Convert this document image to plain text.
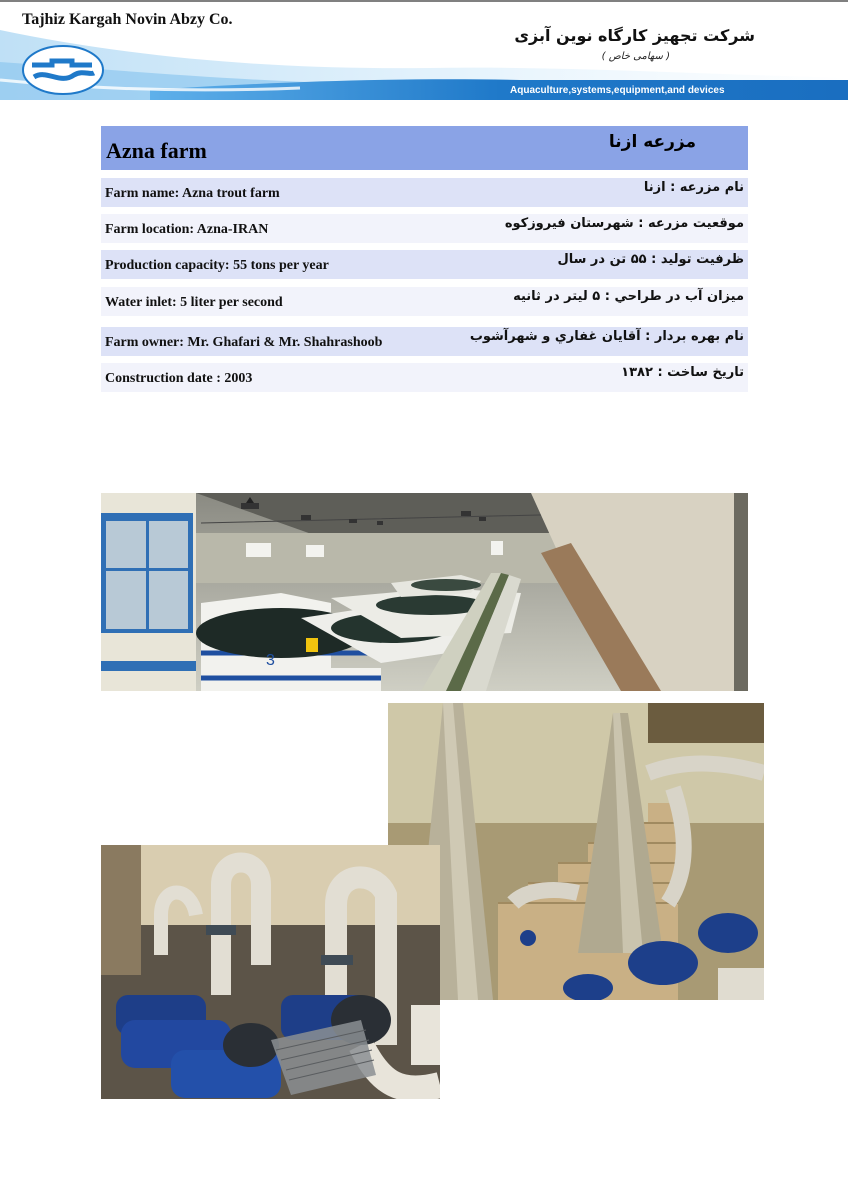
Tajhiz Kargah Novin Abzy Co.
شرکت تجهیز کارگاه نوین آبزی
( سهامی خاص )
Aquaculture,systems,equipment,and devices
Azna farm	مزرعه ازنا
Farm name: Azna trout farm	نام مزرعه : ازنا
Farm location: Azna-IRAN	موقعیت مزرعه : شهرستان فیروزکوه
Production capacity: 55 tons per year	ظرفیت تولید : ۵۵ تن در سال
Water inlet: 5 liter per second	میزان آب در طراحي : ۵ ليتر در ثانيه
Farm owner: Mr. Ghafari & Mr. Shahrashoob	نام بهره بردار : آقايان غفاري و شهرآشوب
Construction date : 2003	تاریخ ساخت : ۱۳۸۲
3
